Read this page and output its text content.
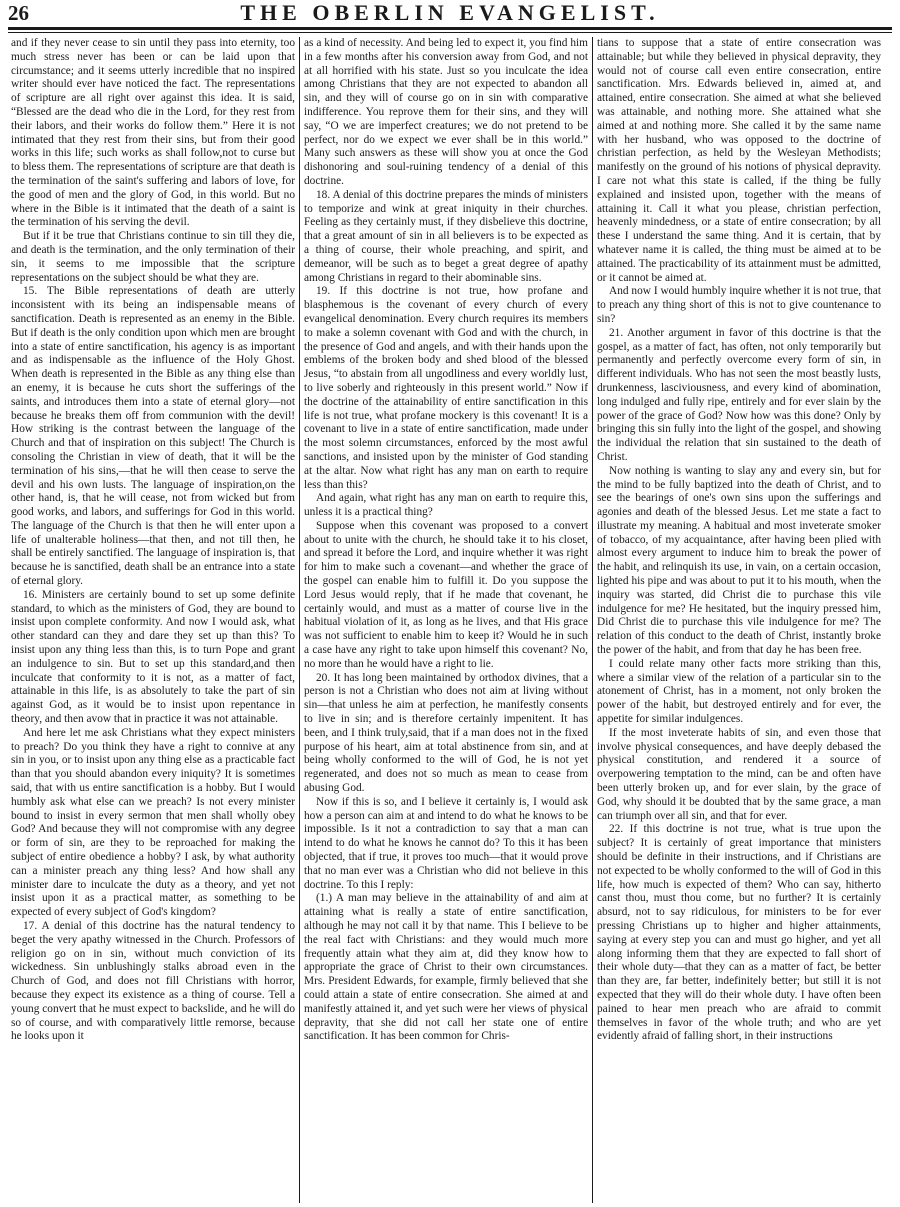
26	THE OBERLIN EVANGELIST.

and if they never cease to sin until they pass into eternity, too much stress never has been or can be laid upon that circumstance; and it seems utterly incredible that no inspired writer should ever have noticed the fact. The representations of scripture are all right over against this idea. It is said, “Blessed are the dead who die in the Lord, for they rest from their labors, and their works do follow them.” Here it is not intimated that they rest from their sins, but from their good works in this life; such works as shall follow,not to curse but to bless them. The representations of scripture are that death is the termination of the saint's suffering and labors of love, for the good of men and the glory of God, in this world. But no where in the Bible is it intimated that the death of a saint is the termination of his serving the devil.

But if it be true that Christians continue to sin till they die, and death is the termination, and the only termination of their sin, it seems to me impossible that the scripture representations on the subject should be what they are.

15. The Bible representations of death are utterly inconsistent with its being an indispensable means of sanctification. Death is represented as an enemy in the Bible. But if death is the only condition upon which men are brought into a state of entire sanctification, his agency is as important and as indispensable as the influence of the Holy Ghost. When death is represented in the Bible as any thing else than an enemy, it is because he cuts short the sufferings of the saints, and introduces them into a state of eternal glory—not because he breaks them off from communion with the devil! How striking is the contrast between the language of the Church and that of inspiration on this subject! The Church is consoling the Christian in view of death, that it will be the termination of his sins,—that he will then cease to serve the devil and his own lusts. The language of inspiration,on the other hand, is, that he will cease, not from wicked but from good works, and labors, and sufferings for God in this world. The language of the Church is that then he will enter upon a life of unalterable holiness—that then, and not till then, he shall be entirely sanctified. The language of inspiration is, that because he is sanctified, death shall be an entrance into a state of eternal glory.

16. Ministers are certainly bound to set up some definite standard, to which as the ministers of God, they are bound to insist upon complete conformity. And now I would ask, what other standard can they and dare they set up than this? To insist upon any thing less than this, is to turn Pope and grant an indulgence to sin. But to set up this standard,and then inculcate that conformity to it is not, as a matter of fact, attainable in this life, is as absolutely to take the part of sin against God, as it would be to insist upon repentance in theory, and then avow that in practice it was not attainable.

And here let me ask Christians what they expect ministers to preach? Do you think they have a right to connive at any sin in you, or to insist upon any thing else as a practicable fact than that you should abandon every iniquity? It is sometimes said, that with us entire sanctification is a hobby. But I would humbly ask what else can we preach? Is not every minister bound to insist in every sermon that men shall wholly obey God? And because they will not compromise with any degree or form of sin, are they to be reproached for making the subject of entire obedience a hobby? I ask, by what authority can a minister preach any thing less? And how shall any minister dare to inculcate the duty as a theory, and yet not insist upon it as a practical matter, as something to be expected of every subject of God's kingdom?

17. A denial of this doctrine has the natural tendency to beget the very apathy witnessed in the Church. Professors of religion go on in sin, without much conviction of its wickedness. Sin unblushingly stalks abroad even in the Church of God, and does not fill Christians with horror, because they expect its existence as a thing of course. Tell a young convert that he must expect to backslide, and he will do so of course, and with comparatively little remorse, because he looks upon it

as a kind of necessity. And being led to expect it, you find him in a few months after his conversion away from God, and not at all horrified with his state. Just so you inculcate the idea among Christians that they are not expected to abandon all sin, and they will of course go on in sin with comparative indifference. You reprove them for their sins, and they will say, “O we are imperfect creatures; we do not pretend to be perfect, nor do we expect we ever shall be in this world.” Many such answers as these will show you at once the God dishonoring and soul-ruining tendency of a denial of this doctrine.

18. A denial of this doctrine prepares the minds of ministers to temporize and wink at great iniquity in their churches. Feeling as they certainly must, if they disbelieve this doctrine, that a great amount of sin in all believers is to be expected as a thing of course, their whole preaching, and spirit, and demeanor, will be such as to beget a great degree of apathy among Christians in regard to their abominable sins.

19. If this doctrine is not true, how profane and blasphemous is the covenant of every church of every evangelical denomination. Every church requires its members to make a solemn covenant with God and with the church, in the presence of God and angels, and with their hands upon the emblems of the broken body and shed blood of the blessed Jesus, “to abstain from all ungodliness and every worldly lust, to live soberly and righteously in this present world.” Now if the doctrine of the attainability of entire sanctification in this life is not true, what profane mockery is this covenant! It is a covenant to live in a state of entire sanctification, made under the most solemn circumstances, enforced by the most awful sanctions, and insisted upon by the minister of God standing at the altar. Now what right has any man on earth to require less than this?

And again, what right has any man on earth to require this, unless it is a practical thing?

Suppose when this covenant was proposed to a convert about to unite with the church, he should take it to his closet, and spread it before the Lord, and inquire whether it was right for him to make such a covenant—and whether the grace of the gospel can enable him to fulfill it. Do you suppose the Lord Jesus would reply, that if he made that covenant, he certainly would, and must as a matter of course live in the habitual violation of it, as long as he lives, and that His grace was not sufficient to enable him to keep it? Would he in such a case have any right to take upon himself this covenant? No, no more than he would have a right to lie.

20. It has long been maintained by orthodox divines, that a person is not a Christian who does not aim at living without sin—that unless he aim at perfection, he manifestly consents to live in sin; and is therefore certainly impenitent. It has been, and I think truly,said, that if a man does not in the fixed purpose of his heart, aim at total abstinence from sin, and at being wholly conformed to the will of God, he is not yet regenerated, and does not so much as mean to cease from abusing God.

Now if this is so, and I believe it certainly is, I would ask how a person can aim at and intend to do what he knows to be impossible. Is it not a contradiction to say that a man can intend to do what he knows he cannot do? To this it has been objected, that if true, it proves too much—that it would prove that no man ever was a Christian who did not believe in this doctrine. To this I reply:

(1.) A man may believe in the attainability of and aim at attaining what is really a state of entire sanctification, although he may not call it by that name. This I believe to be the real fact with Christians: and they would much more frequently attain what they aim at, did they know how to appropriate the grace of Christ to their own circumstances. Mrs. President Edwards, for example, firmly believed that she could attain a state of entire consecration. She aimed at and manifestly attained it, and yet such were her views of physical depravity, that she did not call her state one of entire sanctification. It has been common for Chris-

tians to suppose that a state of entire consecration was attainable; but while they believed in physical depravity, they would not of course call even entire consecration, entire sanctification. Mrs. Edwards believed in, aimed at, and attained, entire consecration. She aimed at what she believed was attainable, and nothing more. She attained what she aimed at and nothing more. She called it by the same name with her husband, who was opposed to the doctrine of christian perfection, as held by the Wesleyan Methodists; manifestly on the ground of his notions of physical depravity. I care not what this state is called, if the thing be fully explained and insisted upon, together with the means of attaining it. Call it what you please, christian perfection, heavenly mindedness, or a state of entire consecration; by all these I understand the same thing. And it is certain, that by whatever name it is called, the thing must be aimed at to be attained. The practicability of its attainment must be admitted, or it cannot be aimed at.

And now I would humbly inquire whether it is not true, that to preach any thing short of this is not to give countenance to sin?

21. Another argument in favor of this doctrine is that the gospel, as a matter of fact, has often, not only temporarily but permanently and perfectly overcome every form of sin, in different individuals. Who has not seen the most beastly lusts, drunkenness, lasciviousness, and every kind of abomination, long indulged and fully ripe, entirely and for ever slain by the power of the grace of God? Now how was this done? Only by bringing this sin fully into the light of the gospel, and showing the individual the relation that sin sustained to the death of Christ.

Now nothing is wanting to slay any and every sin, but for the mind to be fully baptized into the death of Christ, and to see the bearings of one's own sins upon the sufferings and agonies and death of the blessed Jesus. Let me state a fact to illustrate my meaning. A habitual and most inveterate smoker of tobacco, of my acquaintance, after having been plied with almost every argument to induce him to break the power of the habit, and relinquish its use, in vain, on a certain occasion, lighted his pipe and was about to put it to his mouth, when the inquiry was started, did Christ die to purchase this vile indulgence for me? He hesitated, but the inquiry pressed him, Did Christ die to purchase this vile indulgence for me? The relation of this conduct to the death of Christ, instantly broke the power of the habit, and from that day he has been free.

I could relate many other facts more striking than this, where a similar view of the relation of a particular sin to the atonement of Christ, has in a moment, not only broken the power of the habit, but destroyed entirely and for ever, the appetite for similar indulgences.

If the most inveterate habits of sin, and even those that involve physical consequences, and have deeply debased the physical constitution, and rendered it a source of overpowering temptation to the mind, can be and often have been utterly broken up, and for ever slain, by the grace of God, why should it be doubted that by the same grace, a man can triumph over all sin, and that for ever.

22. If this doctrine is not true, what is true upon the subject? It is certainly of great importance that ministers should be definite in their instructions, and if Christians are not expected to be wholly conformed to the will of God in this life, how much is expected of them? Who can say, hitherto canst thou, must thou come, but no further? It is certainly absurd, not to say ridiculous, for ministers to be for ever pressing Christians up to higher and higher attainments, saying at every step you can and must go higher, and yet all along informing them that they are expected to fall short of their whole duty—that they can as a matter of fact, be better than they are, far better, indefinitely better; but still it is not expected that they will do their whole duty. I have often been pained to hear men preach who are afraid to commit themselves in favor of the whole truth; and who are yet evidently afraid of falling short, in their instructions
